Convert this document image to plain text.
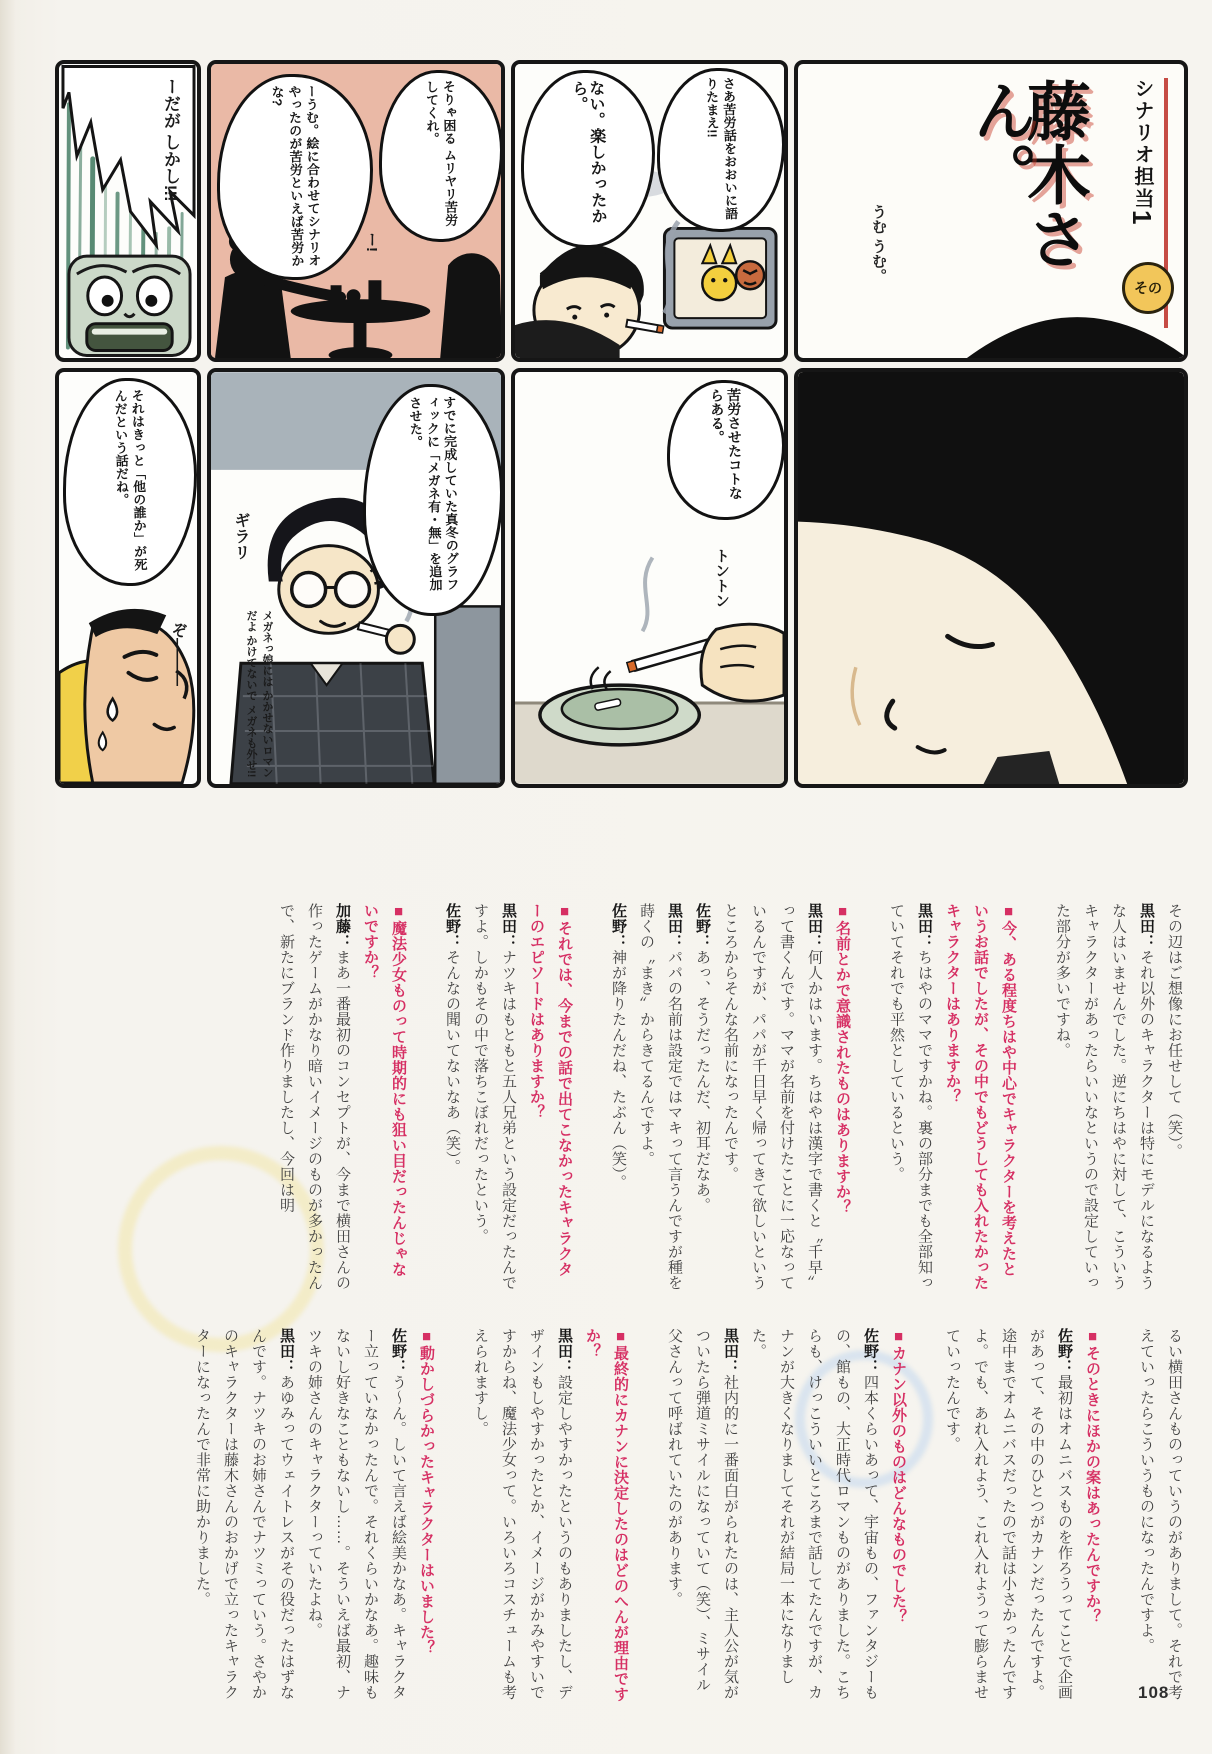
ーだが しかし!!!	そりゃ困る ムリヤリ苦労してくれ。
ーうむ。絵に合わせてシナリオやったのが苦労といえば苦労かな?
ー!
さあ苦労話をおおいに語りたまえ!!
ない。楽しかったから。	シナリオ担当1
その
藤木さん。
うむ うむ。
それはきっと「他の誰か」が死んだという話だね。
ぞ———
すでに完成していた真冬のグラフィックに「メガネ有・無」を追加させた。
ギラリ
メガネっ娘には かかせないロマンだよ かけてないで メガネも外せ!!
苦労させたコトならある。
トントン

その辺はご想像にお任せして（笑）。

黒田：それ以外のキャラクターは特にモデルになるような人はいませんでした。逆にちはやに対して、こういうキャラクターがあったらいいなというので設定していった部分が多いですね。

■今、ある程度ちはや中心でキャラクターを考えたというお話でしたが、その中でもどうしても入れたかったキャラクターはありますか？

黒田：ちはやのママですかね。裏の部分までも全部知っていてそれでも平然としているという。

■名前とかで意識されたものはありますか？

黒田：何人かはいます。ちはやは漢字で書くと〝千早〟って書くんです。ママが名前を付けたことに一応なっているんですが、パパが千日早く帰ってきて欲しいというところからそんな名前になったんです。

佐野：あっ、そうだったんだ、初耳だなあ。

黒田：パパの名前は設定ではマキって言うんですが種を蒔くの〝まき〟からきてるんですよ。

佐野：神が降りたんだね、たぶん（笑）。

■それでは、今までの話で出てこなかったキャラクターのエピソードはありますか？

黒田：ナツキはもともと五人兄弟という設定だったんですよ。しかもその中で落ちこぼれだったという。

佐野：そんなの聞いてないなあ（笑）。

■魔法少女ものって時期的にも狙い目だったんじゃないですか？

加藤：まあ一番最初のコンセプトが、今まで横田さんの作ったゲームがかなり暗いイメージのものが多かったんで、新たにブランド作りましたし、今回は明

るい横田さんものっていうのがありまして。それで考えていったらこういうものになったんですよ。

■そのときにほかの案はあったんですか？

佐野：最初はオムニバスものを作ろうってことで企画があって、その中のひとつがカナンだったんですよ。途中までオムニバスだったので話は小さかったんですよ。でも、あれ入れよう、これ入れようって膨らませていったんです。

■カナン以外のものはどんなものでした？

佐野：四本くらいあって、宇宙もの、ファンタジーもの、館もの、大正時代ロマンものがありました。こちらも、けっこういいところまで話してたんですが、カナンが大きくなりましてそれが結局一本になりました。

黒田：社内的に一番面白がられたのは、主人公が気がついたら弾道ミサイルになっていて（笑）、ミサイル父さんって呼ばれていたのがあります。

■最終的にカナンに決定したのはどのへんが理由ですか？

黒田：設定しやすかったというのもありましたし、デザインもしやすかったとか、イメージがかみやすいですからね、魔法少女って。いろいろコスチュームも考えられますし。

■動かしづらかったキャラクターはいました？

佐野：う〜ん。しいて言えば絵美かなあ。キャラクター立っていなかったんで。それくらいかなあ。趣味もないし好きなこともないし……。そういえば最初、ナツキの姉さんのキャラクターっていたよね。

黒田：あゆみってウェイトレスがその役だったはずなんです。ナツキのお姉さんでナツミっていう。さやかのキャラクターは藤木さんのおかげで立ったキャラクターになったんで非常に助かりました。

108
